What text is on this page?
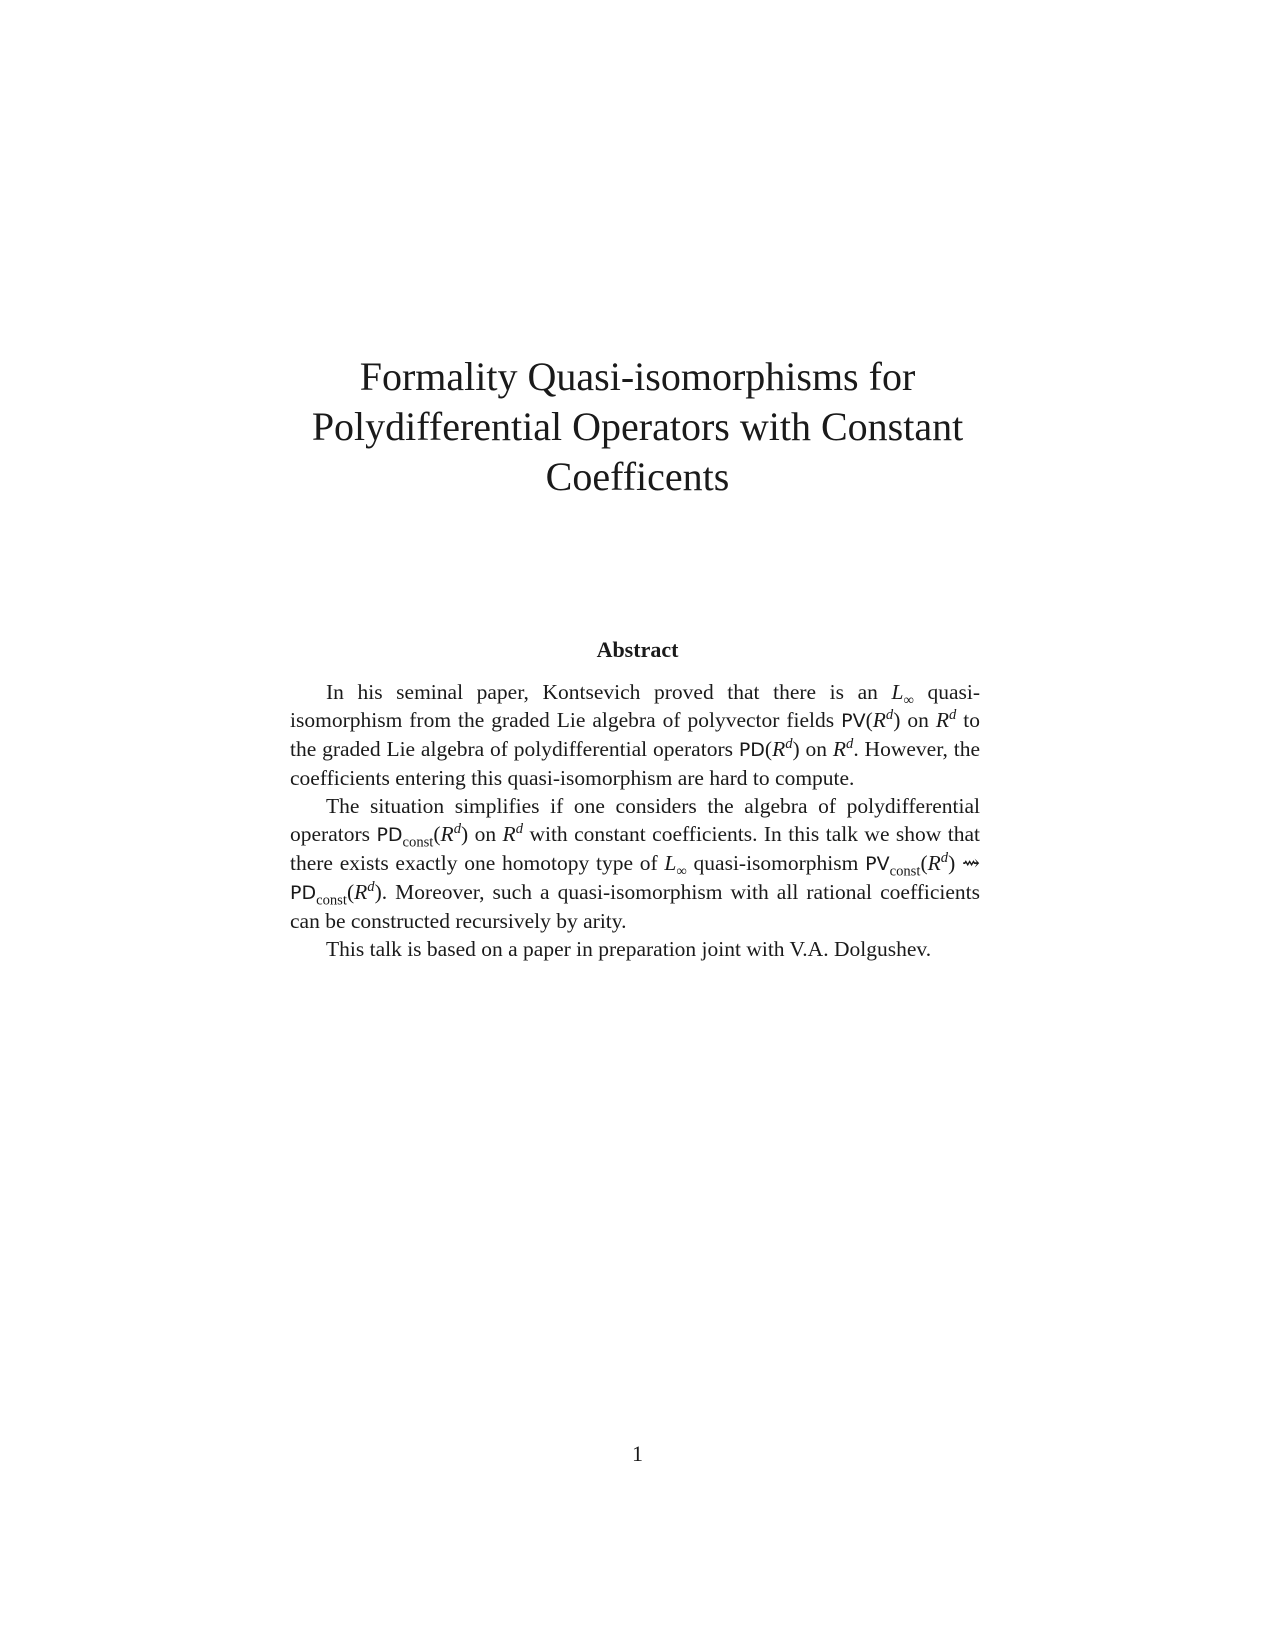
Formality Quasi-isomorphisms for
Polydifferential Operators with Constant
Coefficents
Abstract

In his seminal paper, Kontsevich proved that there is an $L_\infty$ quasi-isomorphism from the graded Lie algebra of polyvector fields $PV(R^d)$ on $R^d$ to the graded Lie algebra of polydifferential operators $PD(R^d)$ on $R^d$. However, the coefficients entering this quasi-isomorphism are hard to compute.

The situation simplifies if one considers the algebra of polydifferential operators $PD_{const}(R^d)$ on $R^d$ with constant coefficients. In this talk we show that there exists exactly one homotopy type of $L_\infty$ quasi-isomorphism $PV_{const}(R^d)$ ⇝ $PD_{const}(R^d)$. Moreover, such a quasi-isomorphism with all rational coefficients can be constructed recursively by arity.

This talk is based on a paper in preparation joint with V.A. Dolgushev.

1
